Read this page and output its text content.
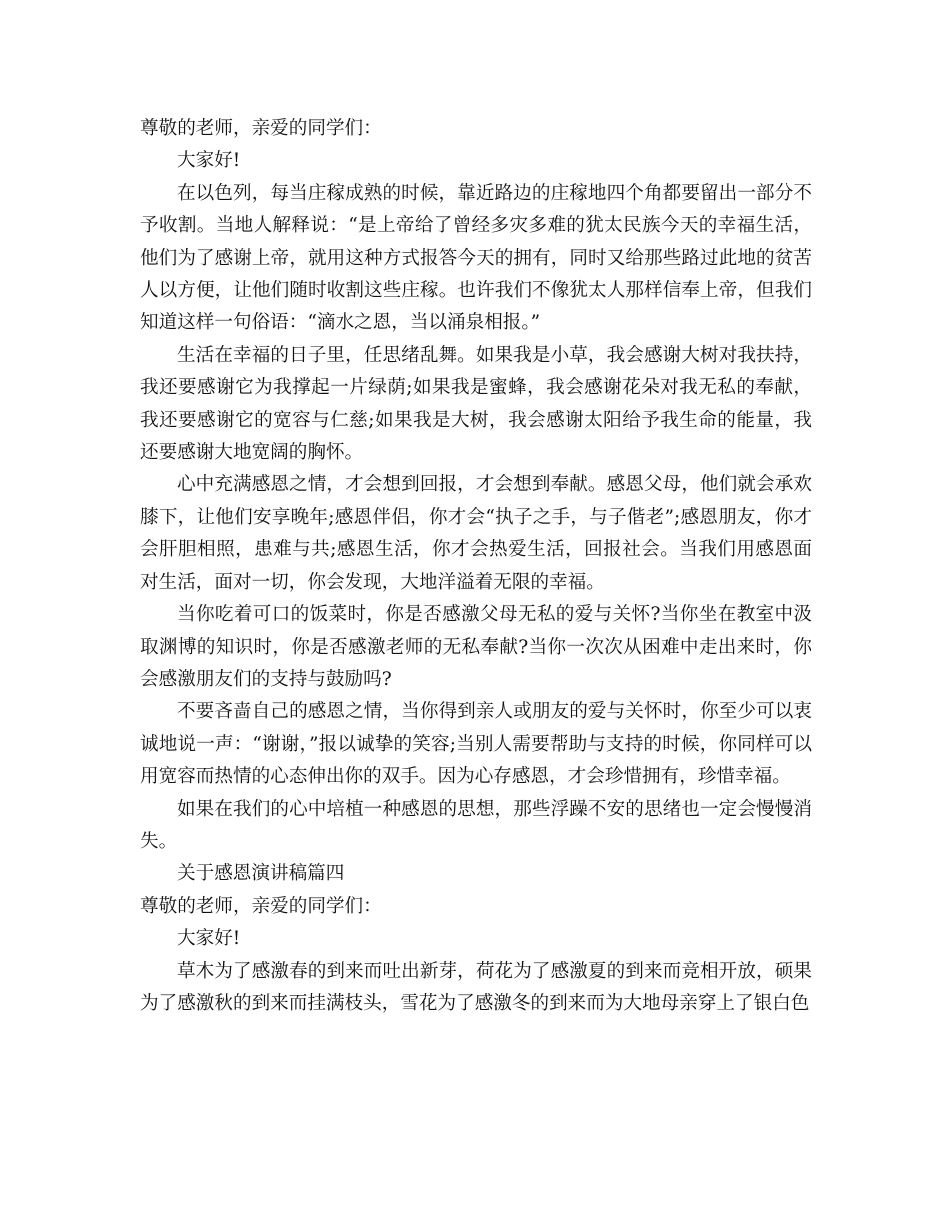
尊敬的老师，亲爱的同学们：

大家好!

在以色列，每当庄稼成熟的时候，靠近路边的庄稼地四个角都要留出一部分不予收割。当地人解释说：“是上帝给了曾经多灾多难的犹太民族今天的幸福生活，他们为了感谢上帝，就用这种方式报答今天的拥有，同时又给那些路过此地的贫苦人以方便，让他们随时收割这些庄稼。也许我们不像犹太人那样信奉上帝，但我们知道这样一句俗语：“滴水之恩，当以涌泉相报。”

生活在幸福的日子里，任思绪乱舞。如果我是小草，我会感谢大树对我扶持，我还要感谢它为我撑起一片绿荫;如果我是蜜蜂，我会感谢花朵对我无私的奉献，我还要感谢它的宽容与仁慈;如果我是大树，我会感谢太阳给予我生命的能量，我还要感谢大地宽阔的胸怀。

心中充满感恩之情，才会想到回报，才会想到奉献。感恩父母，他们就会承欢膝下，让他们安享晚年;感恩伴侣，你才会“执子之手，与子偕老”;感恩朋友，你才会肝胆相照，患难与共;感恩生活，你才会热爱生活，回报社会。当我们用感恩面对生活，面对一切，你会发现，大地洋溢着无限的幸福。

当你吃着可口的饭菜时，你是否感激父母无私的爱与关怀?当你坐在教室中汲取渊博的知识时，你是否感激老师的无私奉献?当你一次次从困难中走出来时，你会感激朋友们的支持与鼓励吗?

不要吝啬自己的感恩之情，当你得到亲人或朋友的爱与关怀时，你至少可以衷诚地说一声：“谢谢，”报以诚挚的笑容;当别人需要帮助与支持的时候，你同样可以用宽容而热情的心态伸出你的双手。因为心存感恩，才会珍惜拥有，珍惜幸福。

如果在我们的心中培植一种感恩的思想，那些浮躁不安的思绪也一定会慢慢消失。

关于感恩演讲稿篇四

尊敬的老师，亲爱的同学们：

大家好!

草木为了感激春的到来而吐出新芽，荷花为了感激夏的到来而竞相开放，硕果为了感激秋的到来而挂满枝头，雪花为了感激冬的到来而为大地母亲穿上了银白色
